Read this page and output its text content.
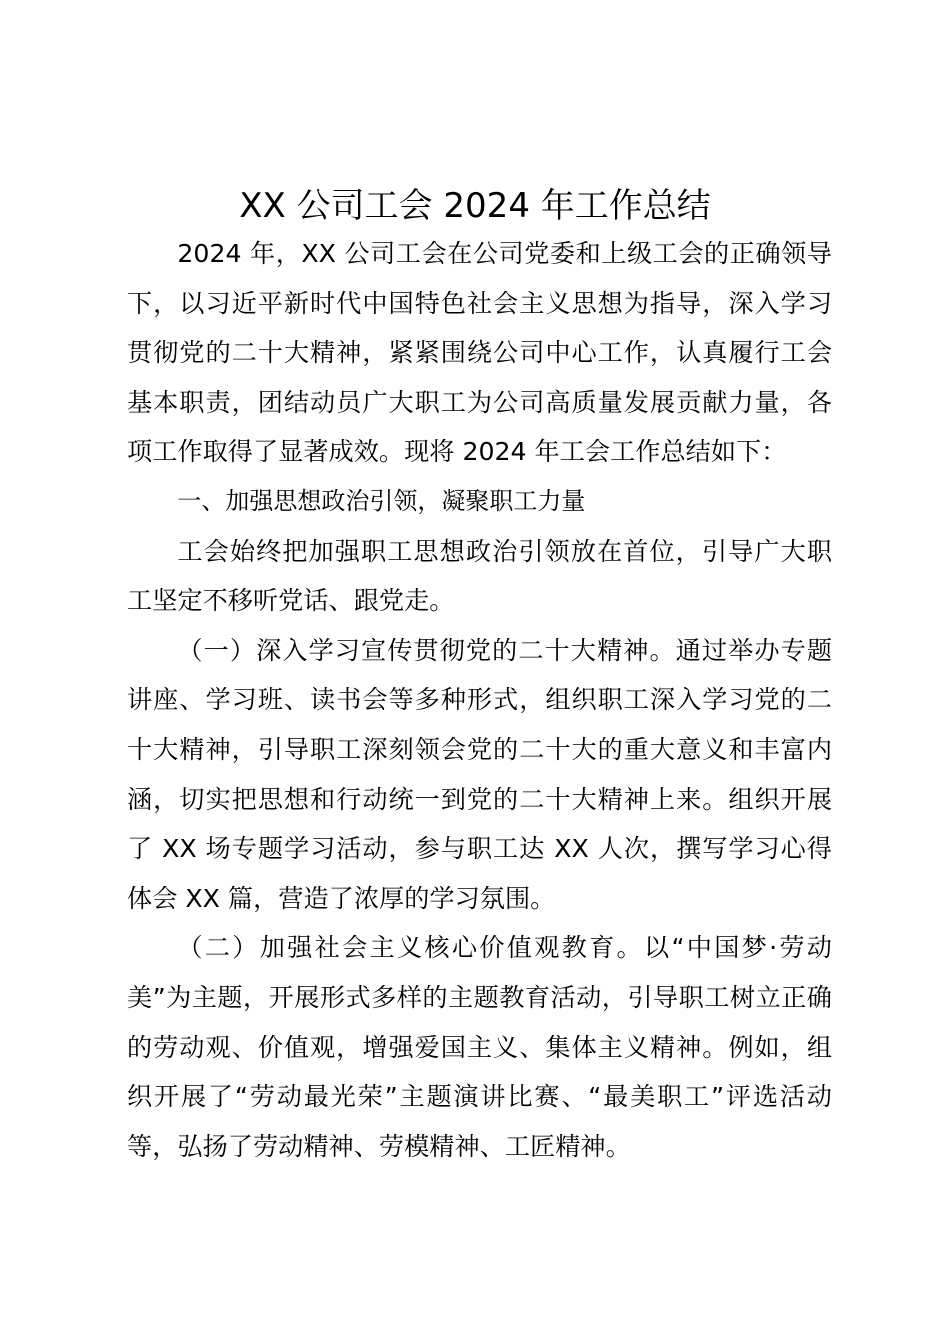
XX 公司工会 2024 年工作总结

2024 年，XX 公司工会在公司党委和上级工会的正确领导下，以习近平新时代中国特色社会主义思想为指导，深入学习贯彻党的二十大精神，紧紧围绕公司中心工作，认真履行工会基本职责，团结动员广大职工为公司高质量发展贡献力量，各项工作取得了显著成效。现将 2024 年工会工作总结如下：

一、加强思想政治引领，凝聚职工力量

工会始终把加强职工思想政治引领放在首位，引导广大职工坚定不移听党话、跟党走。

（一）深入学习宣传贯彻党的二十大精神。通过举办专题讲座、学习班、读书会等多种形式，组织职工深入学习党的二十大精神，引导职工深刻领会党的二十大的重大意义和丰富内涵，切实把思想和行动统一到党的二十大精神上来。组织开展了 XX 场专题学习活动，参与职工达 XX 人次，撰写学习心得体会 XX 篇，营造了浓厚的学习氛围。

（二）加强社会主义核心价值观教育。以“中国梦·劳动美”为主题，开展形式多样的主题教育活动，引导职工树立正确的劳动观、价值观，增强爱国主义、集体主义精神。例如，组织开展了“劳动最光荣”主题演讲比赛、“最美职工”评选活动等，弘扬了劳动精神、劳模精神、工匠精神。
